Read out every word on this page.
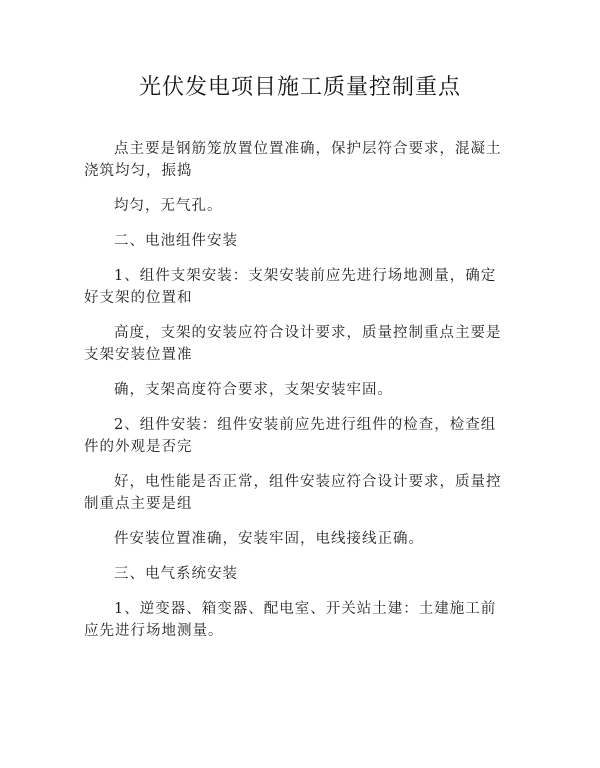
光伏发电项目施工质量控制重点
点主要是钢筋笼放置位置准确，保护层符合要求，混凝土
浇筑均匀，振捣
均匀，无气孔。
二、电池组件安装
1、组件支架安装：支架安装前应先进行场地测量，确定
好支架的位置和
高度，支架的安装应符合设计要求，质量控制重点主要是
支架安装位置准
确，支架高度符合要求，支架安装牢固。
2、组件安装：组件安装前应先进行组件的检查，检查组
件的外观是否完
好，电性能是否正常，组件安装应符合设计要求，质量控
制重点主要是组
件安装位置准确，安装牢固，电线接线正确。
三、电气系统安装
1、逆变器、箱变器、配电室、开关站土建：土建施工前
应先进行场地测量。
